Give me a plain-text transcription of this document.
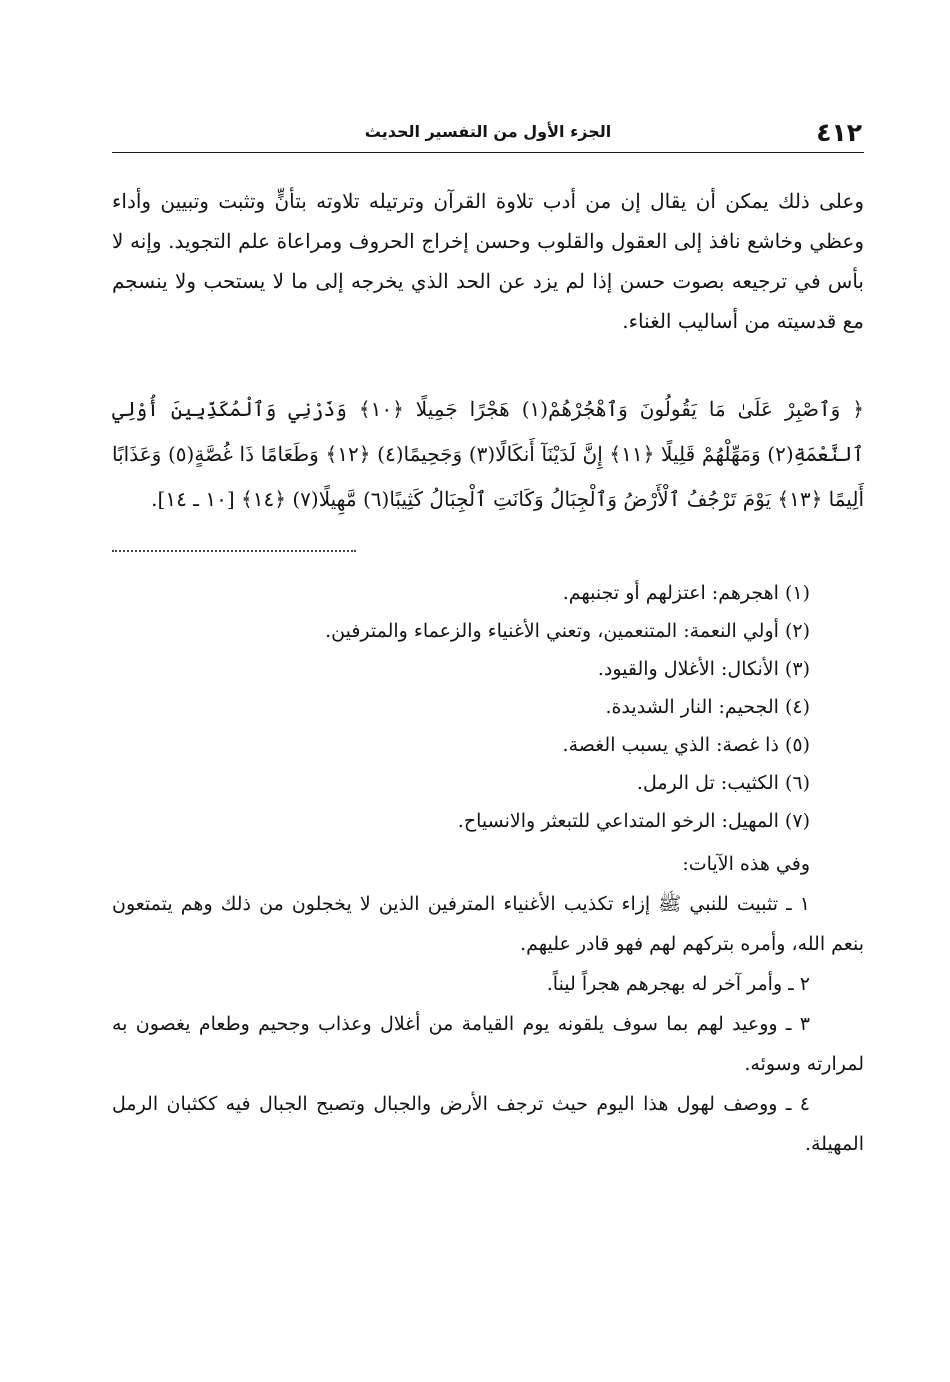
٤١٢
الجزء الأول من التفسير الحديث

وعلى ذلك يمكن أن يقال إن من أدب تلاوة القرآن وترتيله تلاوته بتأنٍّ وتثبت وتبيين وأداء وعظي وخاشع نافذ إلى العقول والقلوب وحسن إخراج الحروف ومراعاة علم التجويد. وإنه لا بأس في ترجيعه بصوت حسن إذا لم يزد عن الحد الذي يخرجه إلى ما لا يستحب ولا ينسجم مع قدسيته من أساليب الغناء.

﴿ وَٱصْبِرْ عَلَىٰ مَا يَقُولُونَ وَٱهْجُرْهُمْ(١) هَجْرًا جَمِيلًا ﴿١٠﴾ وَذَرْنِي وَٱلْمُكَذِّبِينَ أُوْلِي ٱلنَّعْمَةِ(٢) وَمَهِّلْهُمْ قَلِيلًا ﴿١١﴾ إِنَّ لَدَيْنَآ أَنكَالًا(٣) وَجَحِيمًا(٤) ﴿١٢﴾ وَطَعَامًا ذَا غُصَّةٍ(٥) وَعَذَابًا أَلِيمًا ﴿١٣﴾ يَوْمَ تَرْجُفُ ٱلْأَرْضُ وَٱلْجِبَالُ وَكَانَتِ ٱلْجِبَالُ كَثِيبًا(٦) مَّهِيلًا(٧) ﴿١٤﴾ [١٠ ـ ١٤].
(١) اهجرهم: اعتزلهم أو تجنبهم.
(٢) أولي النعمة: المتنعمين، وتعني الأغنياء والزعماء والمترفين.
(٣) الأنكال: الأغلال والقيود.
(٤) الجحيم: النار الشديدة.
(٥) ذا غصة: الذي يسبب الغصة.
(٦) الكثيب: تل الرمل.
(٧) المهيل: الرخو المتداعي للتبعثر والانسياح.
وفي هذه الآيات:
١ ـ تثبيت للنبي ﷺ إزاء تكذيب الأغنياء المترفين الذين لا يخجلون من ذلك وهم يتمتعون بنعم الله، وأمره بتركهم لهم فهو قادر عليهم.
٢ ـ وأمر آخر له بهجرهم هجراً ليناً.
٣ ـ ووعيد لهم بما سوف يلقونه يوم القيامة من أغلال وعذاب وجحيم وطعام يغصون به لمرارته وسوئه.
٤ ـ ووصف لهول هذا اليوم حيث ترجف الأرض والجبال وتصبح الجبال فيه ككثبان الرمل المهيلة.
